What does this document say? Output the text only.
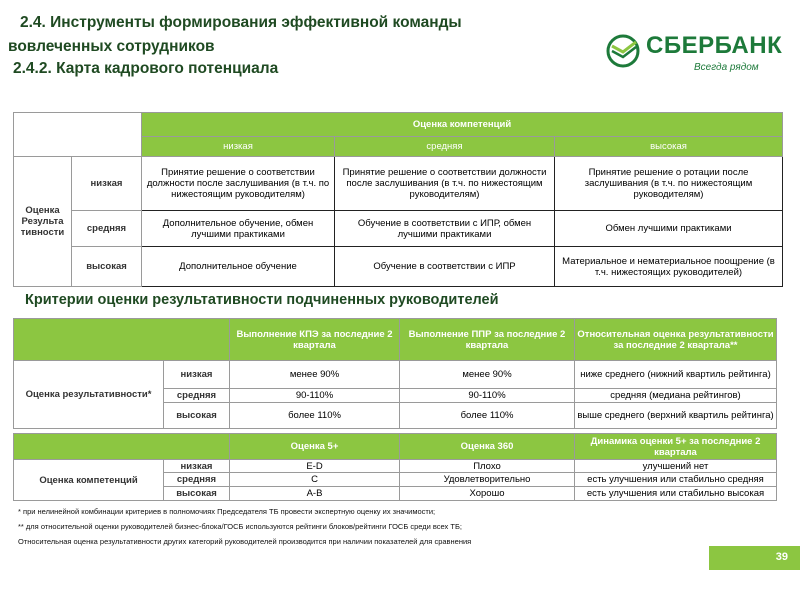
2.4. Инструменты формирования эффективной команды
вовлеченных сотрудников
2.4.2. Карта кадрового потенциала
СБЕРБАНК
Всегда рядом
		Оценка компетенций		
		низкая	средняя	высокая
Оценка Результа тивности	низкая	Принятие решение о соответствии должности после заслушивания (в т.ч. по нижестоящим руководителям)	Принятие решение о соответствии должности после заслушивания (в т.ч. по нижестоящим руководителям)	Принятие решение о ротации после заслушивания (в т.ч. по нижестоящим руководителям)
	средняя	Дополнительное обучение, обмен лучшими практиками	Обучение в соответствии с ИПР, обмен лучшими практиками	Обмен лучшими практиками
	высокая	Дополнительное обучение	Обучение в соответствии с ИПР	Материальное и нематериальное поощрение (в т.ч. нижестоящих руководителей)
Критерии оценки результативности подчиненных руководителей
		Выполнение КПЭ за последние 2 квартала	Выполнение ППР за последние 2 квартала	Относительная оценка результативности за последние 2 квартала**
Оценка результативности*	низкая	менее 90%	менее 90%	ниже среднего (нижний квартиль рейтинга)
	средняя	90-110%	90-110%	средняя (медиана рейтингов)
	высокая	более 110%	более 110%	выше среднего (верхний квартиль рейтинга)
		Оценка 5+	Оценка 360	Динамика оценки 5+ за последние 2 квартала
Оценка компетенций	низкая	E-D	Плохо	улучшений нет
	средняя	C	Удовлетворительно	есть улучшения или стабильно средняя
	высокая	A-B	Хорошо	есть улучшения или стабильно высокая
* при нелинейной комбинации критериев в полномочиях Председателя ТБ провести экспертную оценку их значимости;
** для относительной оценки руководителей бизнес-блока/ГОСБ используются рейтинги блоков/рейтинги ГОСБ среди всех ТБ;
Относительная оценка результативности других категорий руководителей производится при наличии показателей для сравнения
39
